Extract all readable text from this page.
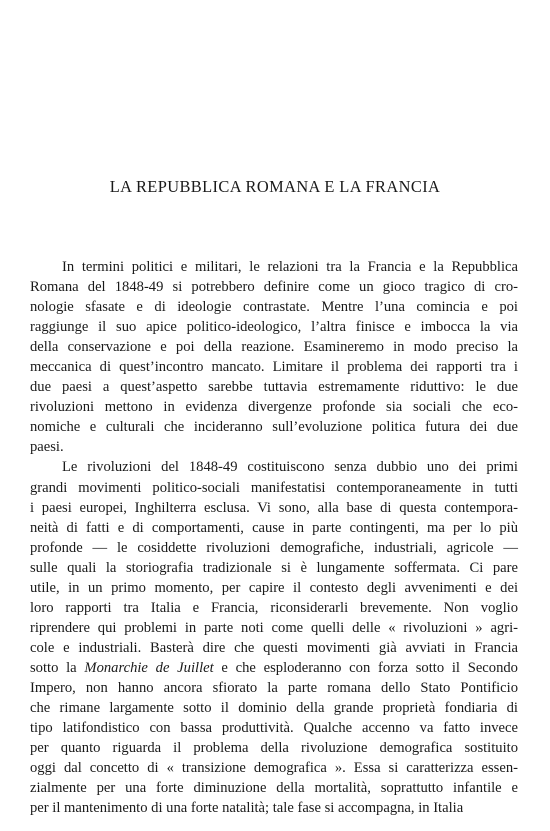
LA REPUBBLICA ROMANA E LA FRANCIA
In termini politici e militari, le relazioni tra la Francia e la Repubblica
Romana del 1848-49 si potrebbero definire come un gioco tragico di cro-
nologie sfasate e di ideologie contrastate. Mentre l’una comincia e poi
raggiunge il suo apice politico-ideologico, l’altra finisce e imbocca la via
della conservazione e poi della reazione. Esamineremo in modo preciso la
meccanica di quest’incontro mancato. Limitare il problema dei rapporti tra i
due paesi a quest’aspetto sarebbe tuttavia estremamente riduttivo: le due
rivoluzioni mettono in evidenza divergenze profonde sia sociali che eco-
nomiche e culturali che incideranno sull’evoluzione politica futura dei due
paesi.
Le rivoluzioni del 1848-49 costituiscono senza dubbio uno dei primi
grandi movimenti politico-sociali manifestatisi contemporaneamente in tutti
i paesi europei, Inghilterra esclusa. Vi sono, alla base di questa contempora-
neità di fatti e di comportamenti, cause in parte contingenti, ma per lo più
profonde — le cosiddette rivoluzioni demografiche, industriali, agricole —
sulle quali la storiografia tradizionale si è lungamente soffermata. Ci pare
utile, in un primo momento, per capire il contesto degli avvenimenti e dei
loro rapporti tra Italia e Francia, riconsiderarli brevemente. Non voglio
riprendere qui problemi in parte noti come quelli delle « rivoluzioni » agri-
cole e industriali. Basterà dire che questi movimenti già avviati in Francia
sotto la Monarchie de Juillet e che esploderanno con forza sotto il Secondo
Impero, non hanno ancora sfiorato la parte romana dello Stato Pontificio
che rimane largamente sotto il dominio della grande proprietà fondiaria di
tipo latifondistico con bassa produttività. Qualche accenno va fatto invece
per quanto riguarda il problema della rivoluzione demografica sostituito
oggi dal concetto di « transizione demografica ». Essa si caratterizza essen-
zialmente per una forte diminuzione della mortalità, soprattutto infantile e
per il mantenimento di una forte natalità; tale fase si accompagna, in Italia
